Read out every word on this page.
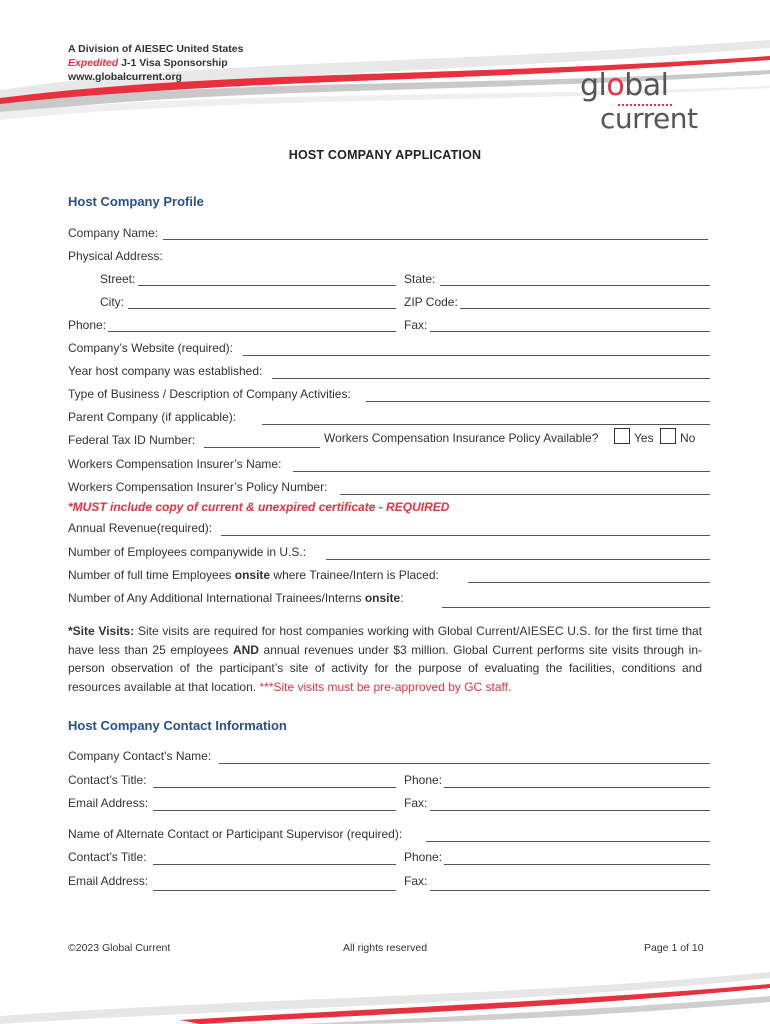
A Division of AIESEC United States
Expedited J-1 Visa Sponsorship
www.globalcurrent.org	global
current
HOST COMPANY APPLICATION
Host Company Profile
Company Name:
Physical Address:
Street:	State:
City:	ZIP Code:
Phone:	Fax:
Company’s Website (required):
Year host company was established:
Type of Business / Description of Company Activities:
Parent Company (if applicable):
Federal Tax ID Number:	Workers Compensation Insurance Policy Available?	Yes No
Workers Compensation Insurer’s Name:
Workers Compensation Insurer’s Policy Number:
*MUST include copy of current & unexpired certificate - REQUIRED
Annual Revenue(required):
Number of Employees companywide in U.S.:
Number of full time Employees onsite where Trainee/Intern is Placed:
Number of Any Additional International Trainees/Interns onsite:
*Site Visits: Site visits are required for host companies working with Global Current/AIESEC U.S. for the first time that have less than 25 employees AND annual revenues under $3 million. Global Current performs site visits through in-person observation of the participant’s site of activity for the purpose of evaluating the facilities, conditions and resources available at that location. ***Site visits must be pre-approved by GC staff.
Host Company Contact Information
Company Contact’s Name:
Contact’s Title:	Phone:
Email Address:	Fax:
Name of Alternate Contact or Participant Supervisor (required):
Contact’s Title:	Phone:
Email Address:	Fax:
©2023 Global Current	All rights reserved	Page 1 of 10
